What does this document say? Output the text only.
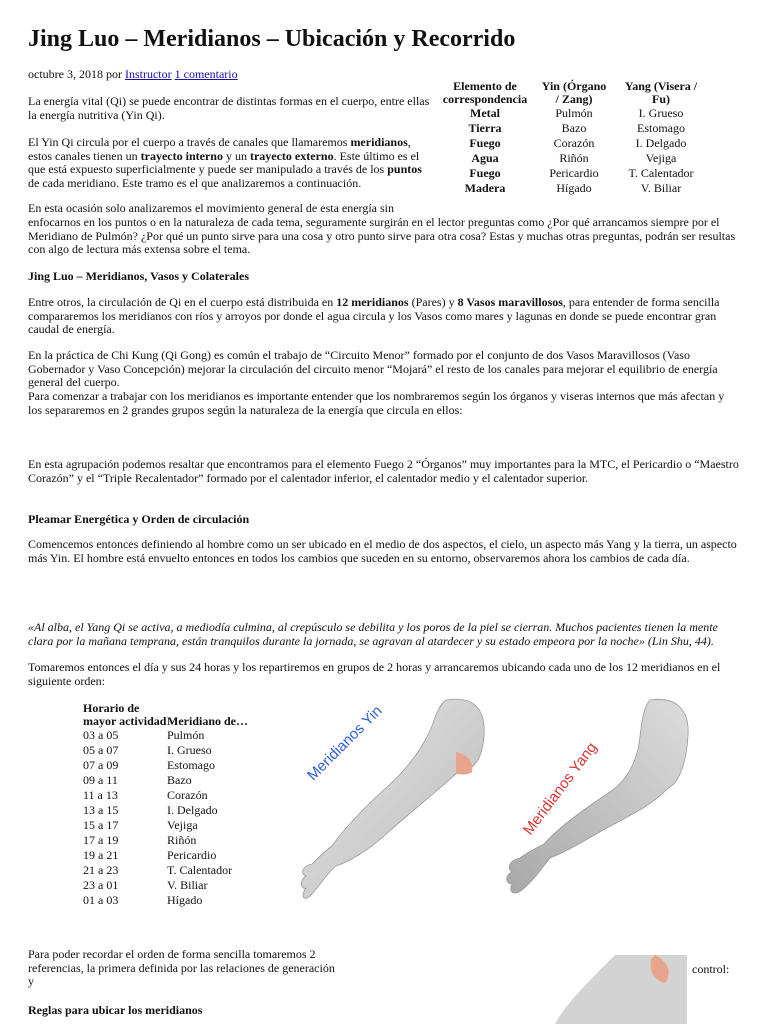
Jing Luo – Meridianos – Ubicación y Recorrido
octubre 3, 2018 por Instructor 1 comentario

La energía vital (Qi) se puede encontrar de distintas formas en el cuerpo, entre ellas la energía nutritiva (Yin Qi).

El Yin Qi circula por el cuerpo a través de canales que llamaremos meridianos, estos canales tienen un trayecto interno y un trayecto externo. Este último es el que está expuesto superficialmente y puede ser manipulado a través de los puntos de cada meridiano. Este tramo es el que analizaremos a continuación.

Elemento de correspondencia	Yin (Órgano / Zang)	Yang (Visera / Fu)
Metal	Pulmón	I. Grueso
Tierra	Bazo	Estomago
Fuego	Corazón	I. Delgado
Agua	Riñón	Vejiga
Fuego	Pericardio	T. Calentador
Madera	Hígado	V. Biliar

En esta ocasión solo analizaremos el movimiento general de esta energía sin

enfocarnos en los puntos o en la naturaleza de cada tema, seguramente surgirán en el lector preguntas como ¿Por qué arrancamos siempre por el Meridiano de Pulmón? ¿Por qué un punto sirve para una cosa y otro punto sirve para otra cosa? Estas y muchas otras preguntas, podrán ser resultas con algo de lectura más extensa sobre el tema.

Jing Luo – Meridianos, Vasos y Colaterales

Entre otros, la circulación de Qi en el cuerpo está distribuida en 12 meridianos (Pares) y 8 Vasos maravillosos, para entender de forma sencilla compararemos los meridianos con ríos y arroyos por donde el agua circula y los Vasos como mares y lagunas en donde se puede encontrar gran caudal de energía.

En la práctica de Chi Kung (Qi Gong) es común el trabajo de “Circuito Menor” formado por el conjunto de dos Vasos Maravillosos (Vaso Gobernador y Vaso Concepción) mejorar la circulación del circuito menor “Mojará” el resto de los canales para mejorar el equilibrio de energía general del cuerpo.

Para comenzar a trabajar con los meridianos es importante entender que los nombraremos según los órganos y viseras internos que más afectan y los separaremos en 2 grandes grupos según la naturaleza de la energía que circula en ellos:

En esta agrupación podemos resaltar que encontramos para el elemento Fuego 2 “Órganos” muy importantes para la MTC, el Pericardio o “Maestro Corazón” y el “Triple Recalentador” formado por el calentador inferior, el calentador medio y el calentador superior.

Pleamar Energética y Orden de circulación

Comencemos entonces definiendo al hombre como un ser ubicado en el medio de dos aspectos, el cielo, un aspecto más Yang y la tierra, un aspecto más Yin. El hombre está envuelto entonces en todos los cambios que suceden en su entorno, observaremos ahora los cambios de cada día.

«Al alba, el Yang Qi se activa, a mediodía culmina, al crepúsculo se debilita y los poros de la piel se cierran. Muchos pacientes tienen la mente clara por la mañana temprana, están tranquilos durante la jornada, se agravan al atardecer y su estado empeora por la noche» (Lin Shu, 44).

Tomaremos entonces el día y sus 24 horas y los repartiremos en grupos de 2 horas y arrancaremos ubicando cada uno de los 12 meridianos en el siguiente orden:

Horario de mayor actividad	Meridiano de…
03 a 05	Pulmón
05 a 07	I. Grueso
07 a 09	Estomago
09 a 11	Bazo
11 a 13	Corazón
13 a 15	I. Delgado
15 a 17	Vejiga
17 a 19	Riñón
19 a 21	Pericardio
21 a 23	T. Calentador
23 a 01	V. Biliar
01 a 03	Hígado
Meridianos Yin	Meridianos Yang

Para poder recordar el orden de forma sencilla tomaremos 2 referencias, la primera definida por las relaciones de generación y

control:
Reglas para ubicar los meridianos
